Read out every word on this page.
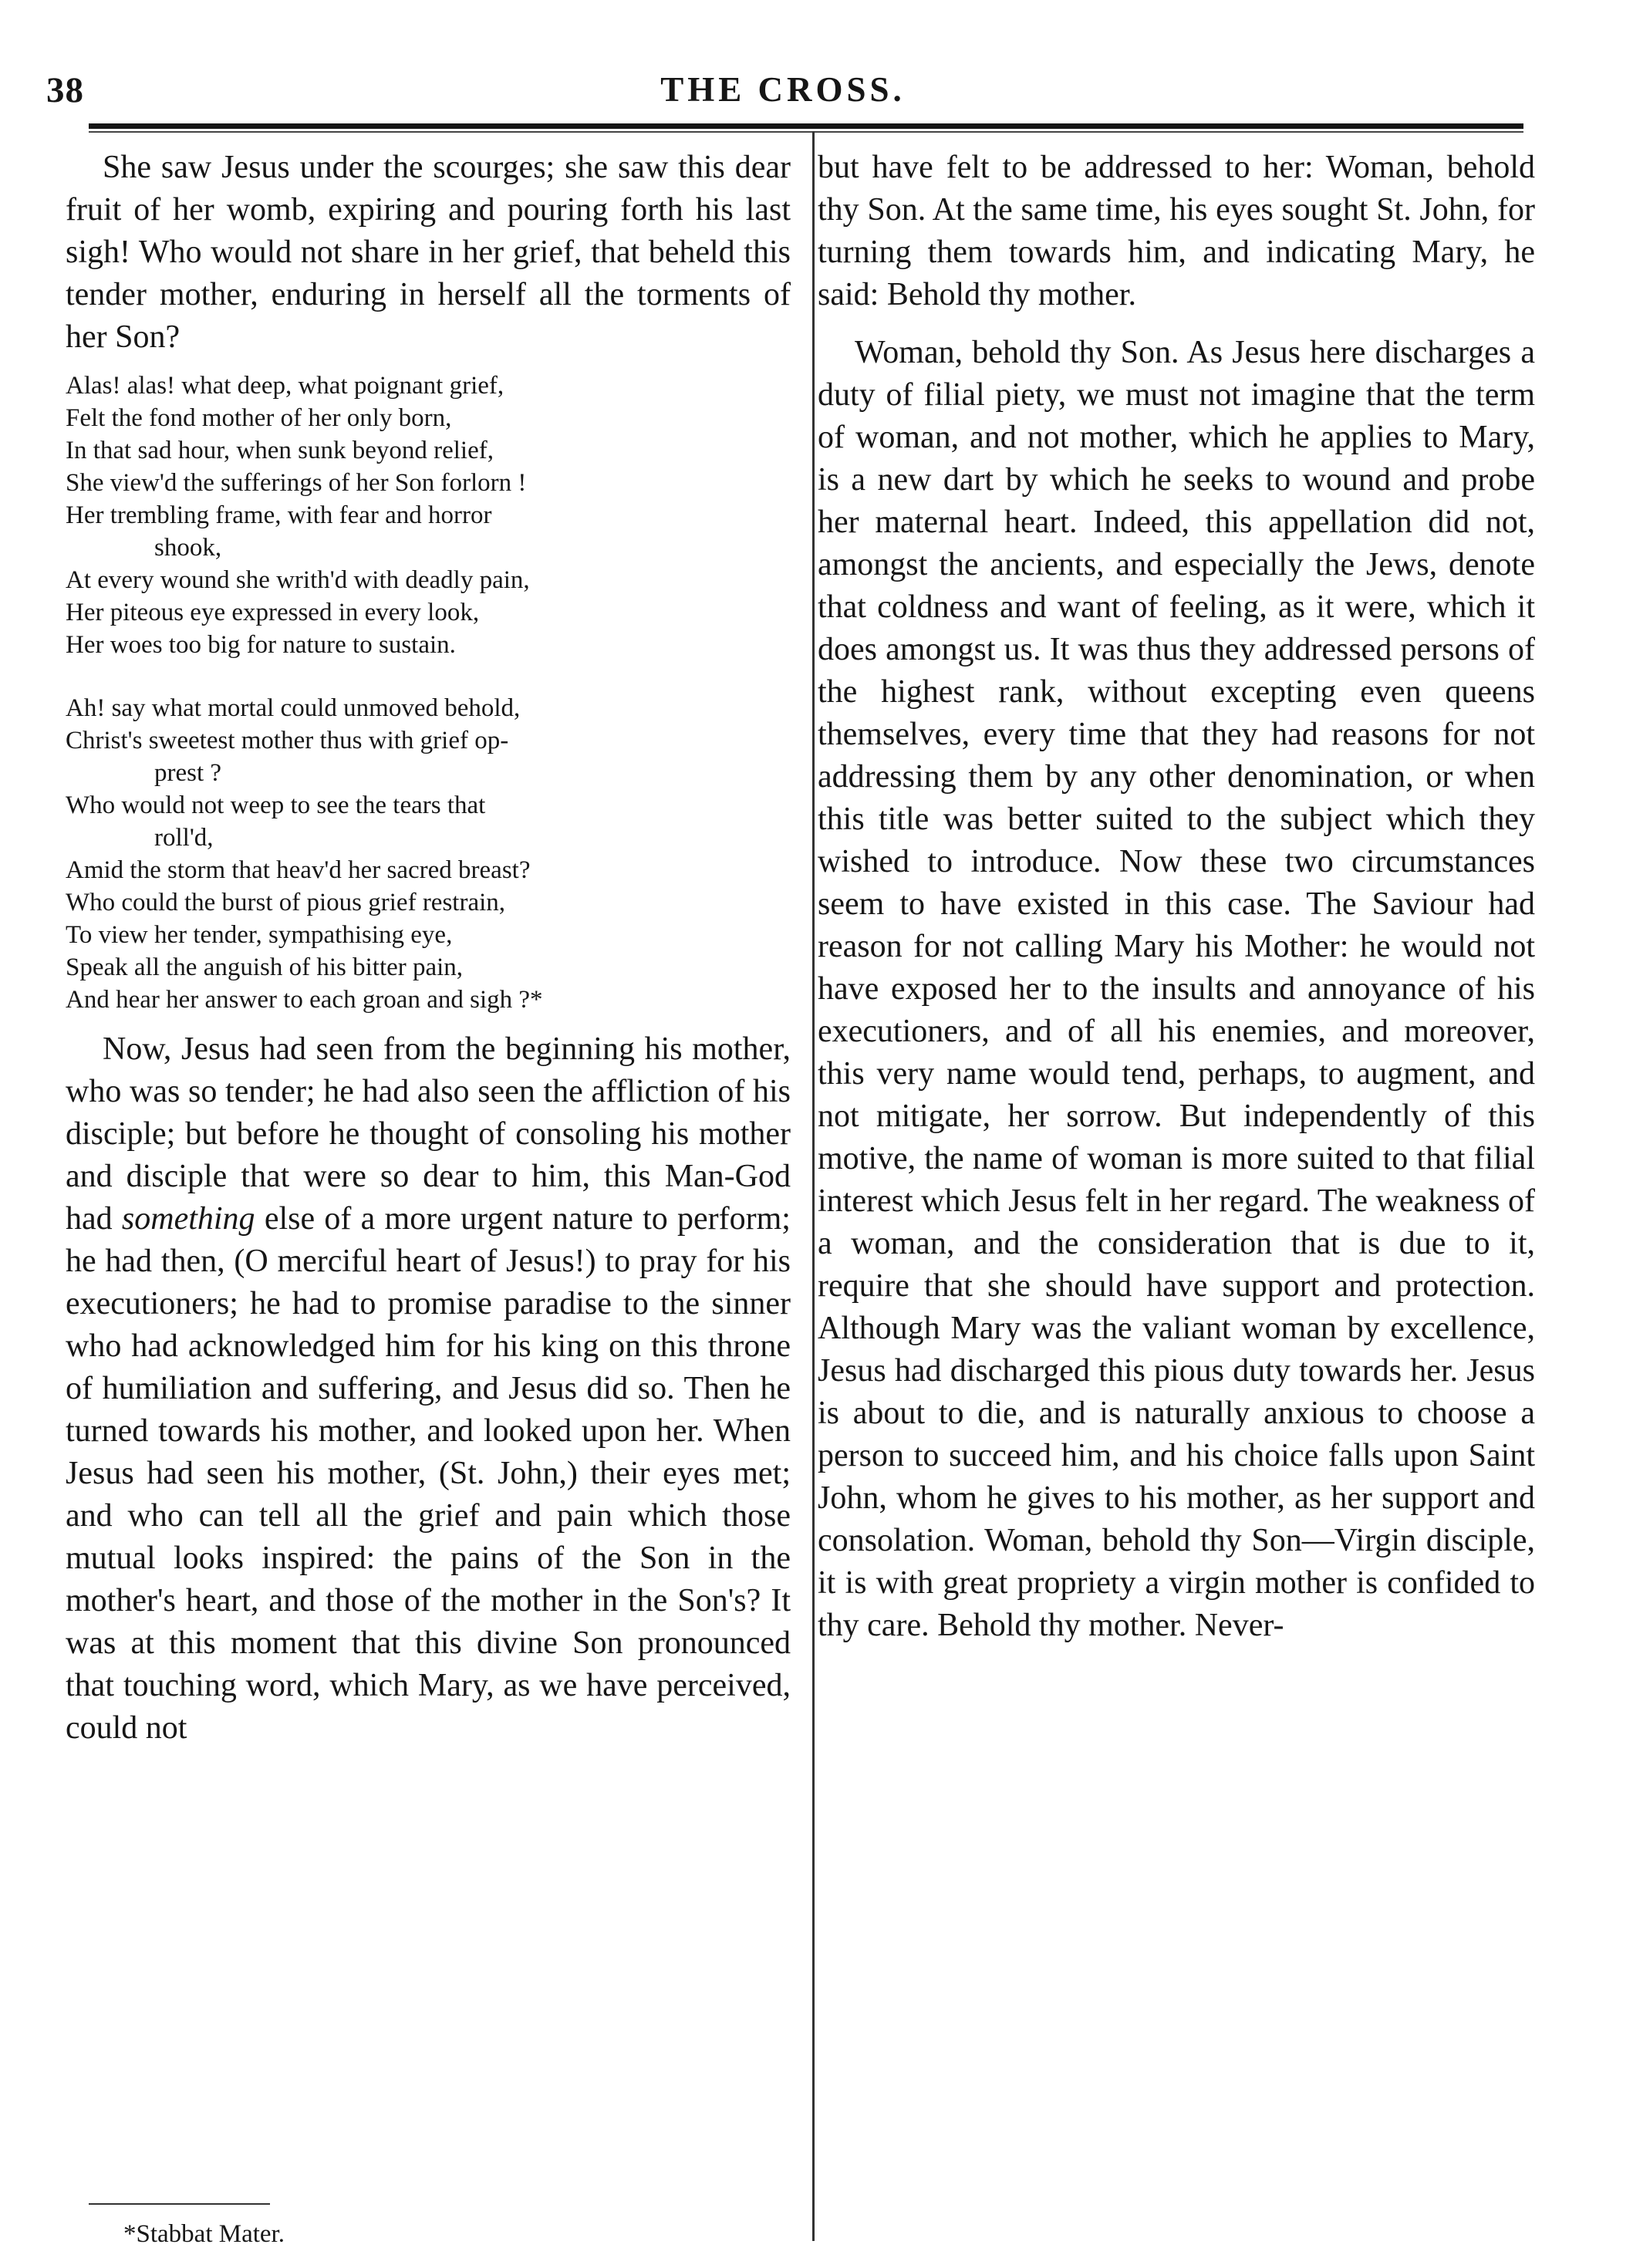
38	THE CROSS.

She saw Jesus under the scourges; she saw this dear fruit of her womb, expiring and pouring forth his last sigh! Who would not share in her grief, that beheld this tender mother, enduring in herself all the torments of her Son?

Alas! alas! what deep, what poignant grief,
Felt the fond mother of her only born,
In that sad hour, when sunk beyond relief,
She view'd the sufferings of her Son forlorn !
Her trembling frame, with fear and horror
shook,
At every wound she writh'd with deadly pain,
Her piteous eye expressed in every look,
Her woes too big for nature to sustain.
Ah! say what mortal could unmoved behold,
Christ's sweetest mother thus with grief op-
prest ?
Who would not weep to see the tears that
roll'd,
Amid the storm that heav'd her sacred breast?
Who could the burst of pious grief restrain,
To view her tender, sympathising eye,
Speak all the anguish of his bitter pain,
And hear her answer to each groan and sigh ?*

Now, Jesus had seen from the beginning his mother, who was so tender; he had also seen the affliction of his disciple; but before he thought of consoling his mother and disciple that were so dear to him, this Man-God had something else of a more urgent nature to perform; he had then, (O merciful heart of Jesus!) to pray for his executioners; he had to promise paradise to the sinner who had acknowledged him for his king on this throne of humiliation and suffering, and Jesus did so. Then he turned towards his mother, and looked upon her. When Jesus had seen his mother, (St. John,) their eyes met; and who can tell all the grief and pain which those mutual looks inspired: the pains of the Son in the mother's heart, and those of the mother in the Son's? It was at this moment that this divine Son pronounced that touching word, which Mary, as we have perceived, could not

but have felt to be addressed to her: Woman, behold thy Son. At the same time, his eyes sought St. John, for turning them towards him, and indicating Mary, he said: Behold thy mother.

Woman, behold thy Son. As Jesus here discharges a duty of filial piety, we must not imagine that the term of woman, and not mother, which he applies to Mary, is a new dart by which he seeks to wound and probe her maternal heart. Indeed, this appellation did not, amongst the ancients, and especially the Jews, denote that coldness and want of feeling, as it were, which it does amongst us. It was thus they addressed persons of the highest rank, without excepting even queens themselves, every time that they had reasons for not addressing them by any other denomination, or when this title was better suited to the subject which they wished to introduce. Now these two circumstances seem to have existed in this case. The Saviour had reason for not calling Mary his Mother: he would not have exposed her to the insults and annoyance of his executioners, and of all his enemies, and moreover, this very name would tend, perhaps, to augment, and not mitigate, her sorrow. But independently of this motive, the name of woman is more suited to that filial interest which Jesus felt in her regard. The weakness of a woman, and the consideration that is due to it, require that she should have support and protection. Although Mary was the valiant woman by excellence, Jesus had discharged this pious duty towards her. Jesus is about to die, and is naturally anxious to choose a person to succeed him, and his choice falls upon Saint John, whom he gives to his mother, as her support and consolation. Woman, behold thy Son—Virgin disciple, it is with great propriety a virgin mother is confided to thy care. Behold thy mother. Never-

*Stabbat Mater.
